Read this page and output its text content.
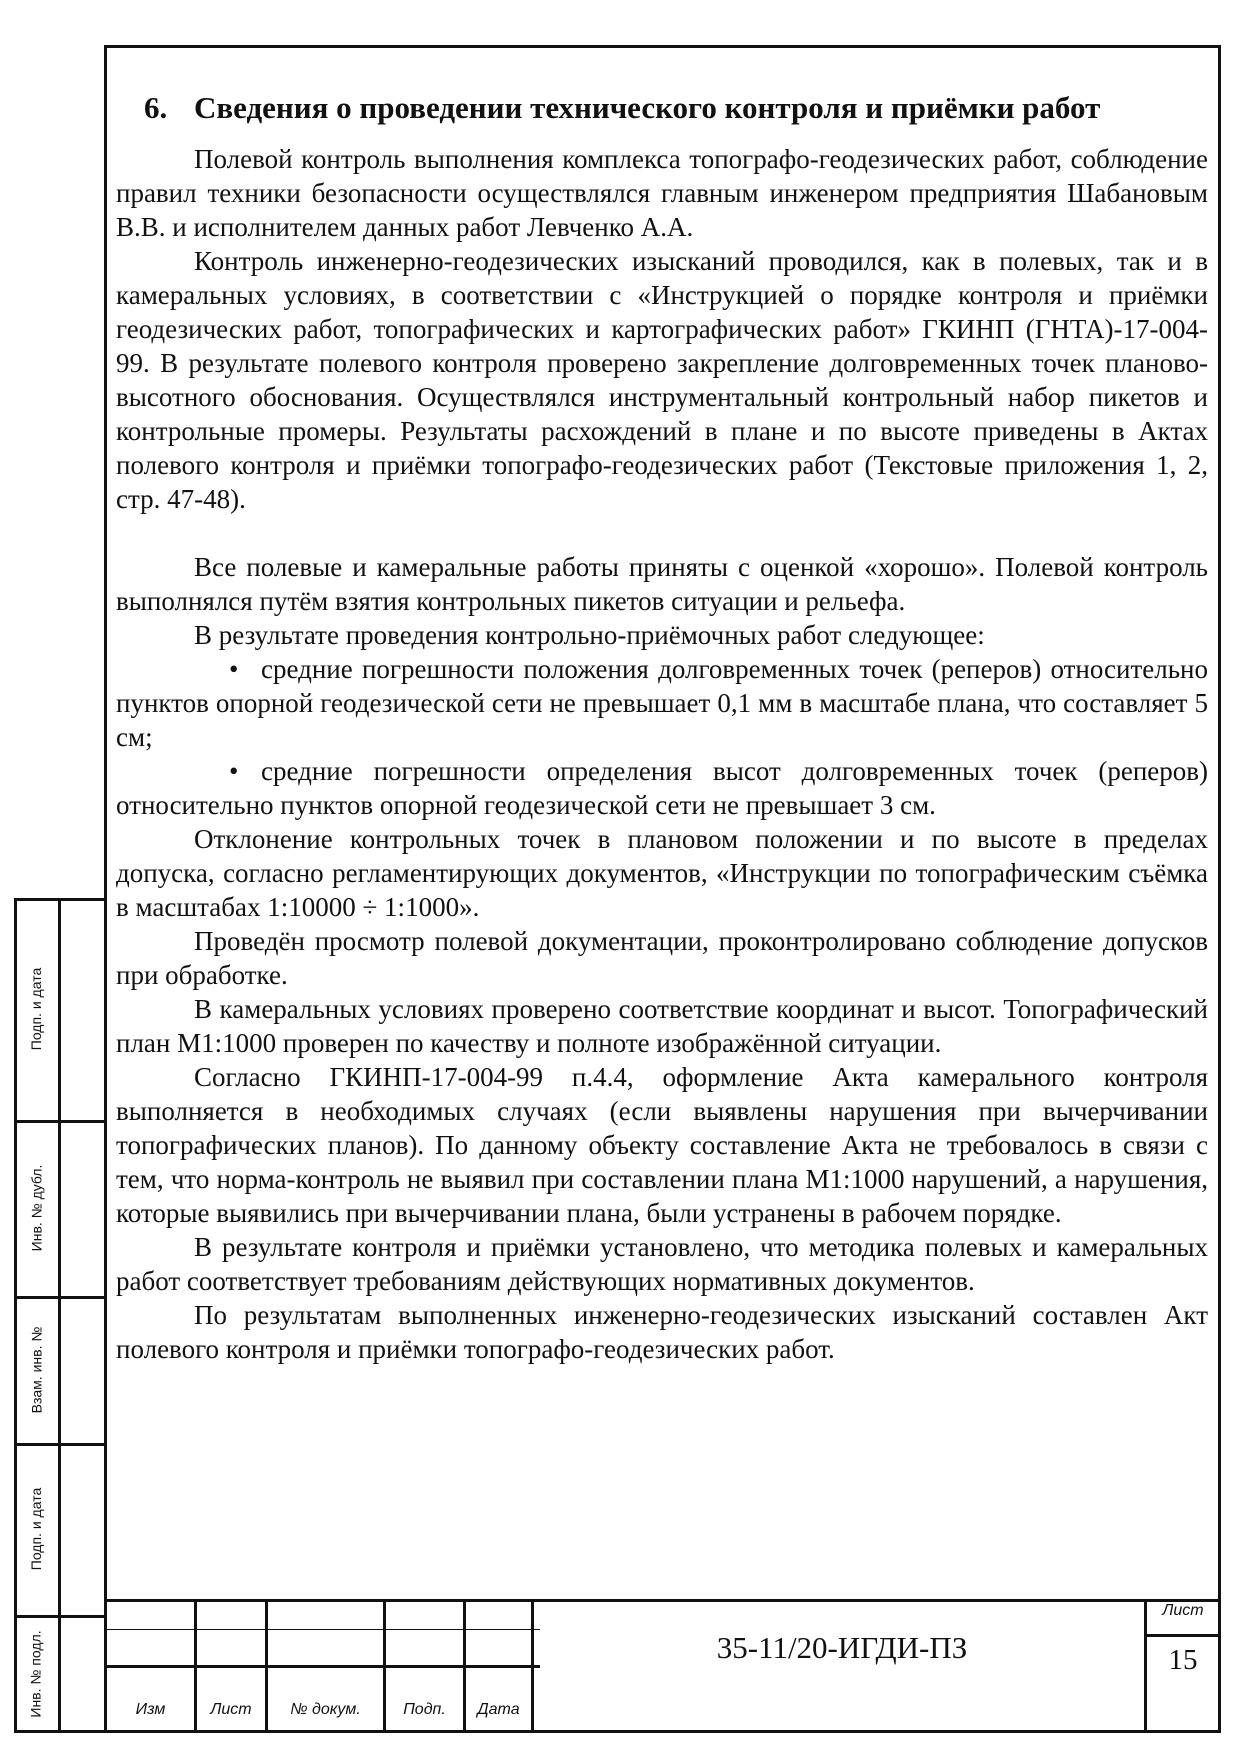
6. Сведения о проведении технического контроля и приёмки работ

Полевой контроль выполнения комплекса топографо-геодезических работ, соблюдение правил техники безопасности осуществлялся главным инженером предприятия Шабановым В.В. и исполнителем данных работ Левченко А.А.

Контроль инженерно-геодезических изысканий проводился, как в полевых, так и в камеральных условиях, в соответствии с «Инструкцией о порядке контроля и приёмки геодезических работ, топографических и картографических работ» ГКИНП (ГНТА)-17-004-99. В результате полевого контроля проверено закрепление долговременных точек планово-высотного обоснования. Осуществлялся инструментальный контрольный набор пикетов и контрольные промеры. Результаты расхождений в плане и по высоте приведены в Актах полевого контроля и приёмки топографо-геодезических работ (Текстовые приложения 1, 2, стр. 47-48).

Все полевые и камеральные работы приняты с оценкой «хорошо». Полевой контроль выполнялся путём взятия контрольных пикетов ситуации и рельефа.

В результате проведения контрольно-приёмочных работ следующее:

• средние погрешности положения долговременных точек (реперов) относительно пунктов опорной геодезической сети не превышает 0,1 мм в масштабе плана, что составляет 5 см;

• средние погрешности определения высот долговременных точек (реперов) относительно пунктов опорной геодезической сети не превышает 3 см.

Отклонение контрольных точек в плановом положении и по высоте в пределах допуска, согласно регламентирующих документов, «Инструкции по топографическим съёмка в масштабах 1:10000 ÷ 1:1000».

Проведён просмотр полевой документации, проконтролировано соблюдение допусков при обработке.

В камеральных условиях проверено соответствие координат и высот. Топографический план М1:1000 проверен по качеству и полноте изображённой ситуации.

Согласно ГКИНП-17-004-99 п.4.4, оформление Акта камерального контроля выполняется в необходимых случаях (если выявлены нарушения при вычерчивании топографических планов). По данному объекту составление Акта не требовалось в связи с тем, что норма-контроль не выявил при составлении плана М1:1000 нарушений, а нарушения, которые выявились при вычерчивании плана, были устранены в рабочем порядке.

В результате контроля и приёмки установлено, что методика полевых и камеральных работ соответствует требованиям действующих нормативных документов.

По результатам выполненных инженерно-геодезических изысканий составлен Акт полевого контроля и приёмки топографо-геодезических работ.

Подп. и дата
Инв. № дубл.
Взам. инв. №
Подп. и дата
Инв. № подл.	Изм	Лист	№ докум.	Подп.	Дата
35-11/20-ИГДИ-ПЗ
Лист
15
